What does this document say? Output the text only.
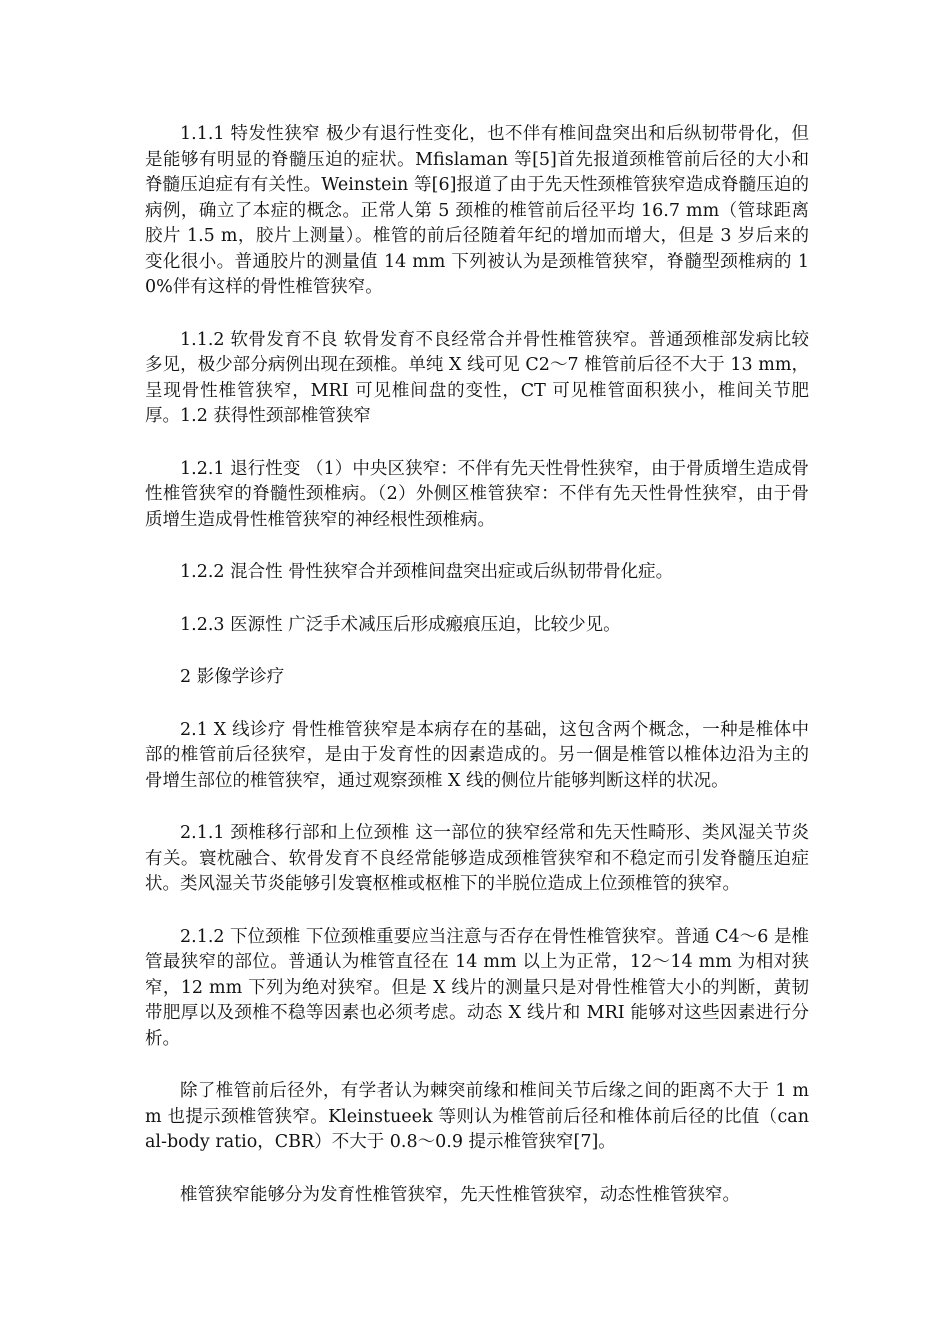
1.1.1 特发性狭窄 极少有退行性变化，也不伴有椎间盘突出和后纵韧带骨化，但是能够有明显的脊髓压迫的症状。Mfislaman 等[5]首先报道颈椎管前后径的大小和脊髓压迫症有有关性。Weinstein 等[6]报道了由于先天性颈椎管狭窄造成脊髓压迫的病例，确立了本症的概念。正常人第 5 颈椎的椎管前后径平均 16.7 mm（管球距离胶片 1.5 m，胶片上测量）。椎管的前后径随着年纪的增加而增大，但是 3 岁后来的变化很小。普通胶片的测量值 14 mm 下列被认为是颈椎管狭窄，脊髓型颈椎病的 10%伴有这样的骨性椎管狭窄。

1.1.2 软骨发育不良 软骨发育不良经常合并骨性椎管狭窄。普通颈椎部发病比较多见，极少部分病例出现在颈椎。单纯 X 线可见 C2～7 椎管前后径不大于 13 mm，呈现骨性椎管狭窄，MRI 可见椎间盘的变性，CT 可见椎管面积狭小，椎间关节肥厚。1.2 获得性颈部椎管狭窄

1.2.1 退行性变 （1）中央区狭窄：不伴有先天性骨性狭窄，由于骨质增生造成骨性椎管狭窄的脊髓性颈椎病。（2）外侧区椎管狭窄：不伴有先天性骨性狭窄，由于骨质增生造成骨性椎管狭窄的神经根性颈椎病。

1.2.2 混合性 骨性狭窄合并颈椎间盘突出症或后纵韧带骨化症。

1.2.3 医源性 广泛手术减压后形成瘢痕压迫，比较少见。

2 影像学诊疗

2.1 X 线诊疗 骨性椎管狭窄是本病存在的基础，这包含两个概念，一种是椎体中部的椎管前后径狭窄，是由于发育性的因素造成的。另一個是椎管以椎体边沿为主的骨增生部位的椎管狭窄，通过观察颈椎 X 线的侧位片能够判断这样的状况。

2.1.1 颈椎移行部和上位颈椎 这一部位的狭窄经常和先天性畸形、类风湿关节炎有关。寰枕融合、软骨发育不良经常能够造成颈椎管狭窄和不稳定而引发脊髓压迫症状。类风湿关节炎能够引发寰枢椎或枢椎下的半脱位造成上位颈椎管的狭窄。

2.1.2 下位颈椎 下位颈椎重要应当注意与否存在骨性椎管狭窄。普通 C4～6 是椎管最狭窄的部位。普通认为椎管直径在 14 mm 以上为正常，12～14 mm 为相对狭窄，12 mm 下列为绝对狭窄。但是 X 线片的测量只是对骨性椎管大小的判断，黄韧带肥厚以及颈椎不稳等因素也必须考虑。动态 X 线片和 MRI 能够对这些因素进行分析。

除了椎管前后径外，有学者认为棘突前缘和椎间关节后缘之间的距离不大于 1 mm 也提示颈椎管狭窄。Kleinstueek 等则认为椎管前后径和椎体前后径的比值（canal-body ratio，CBR）不大于 0.8～0.9 提示椎管狭窄[7]。

椎管狭窄能够分为发育性椎管狭窄，先天性椎管狭窄，动态性椎管狭窄。
